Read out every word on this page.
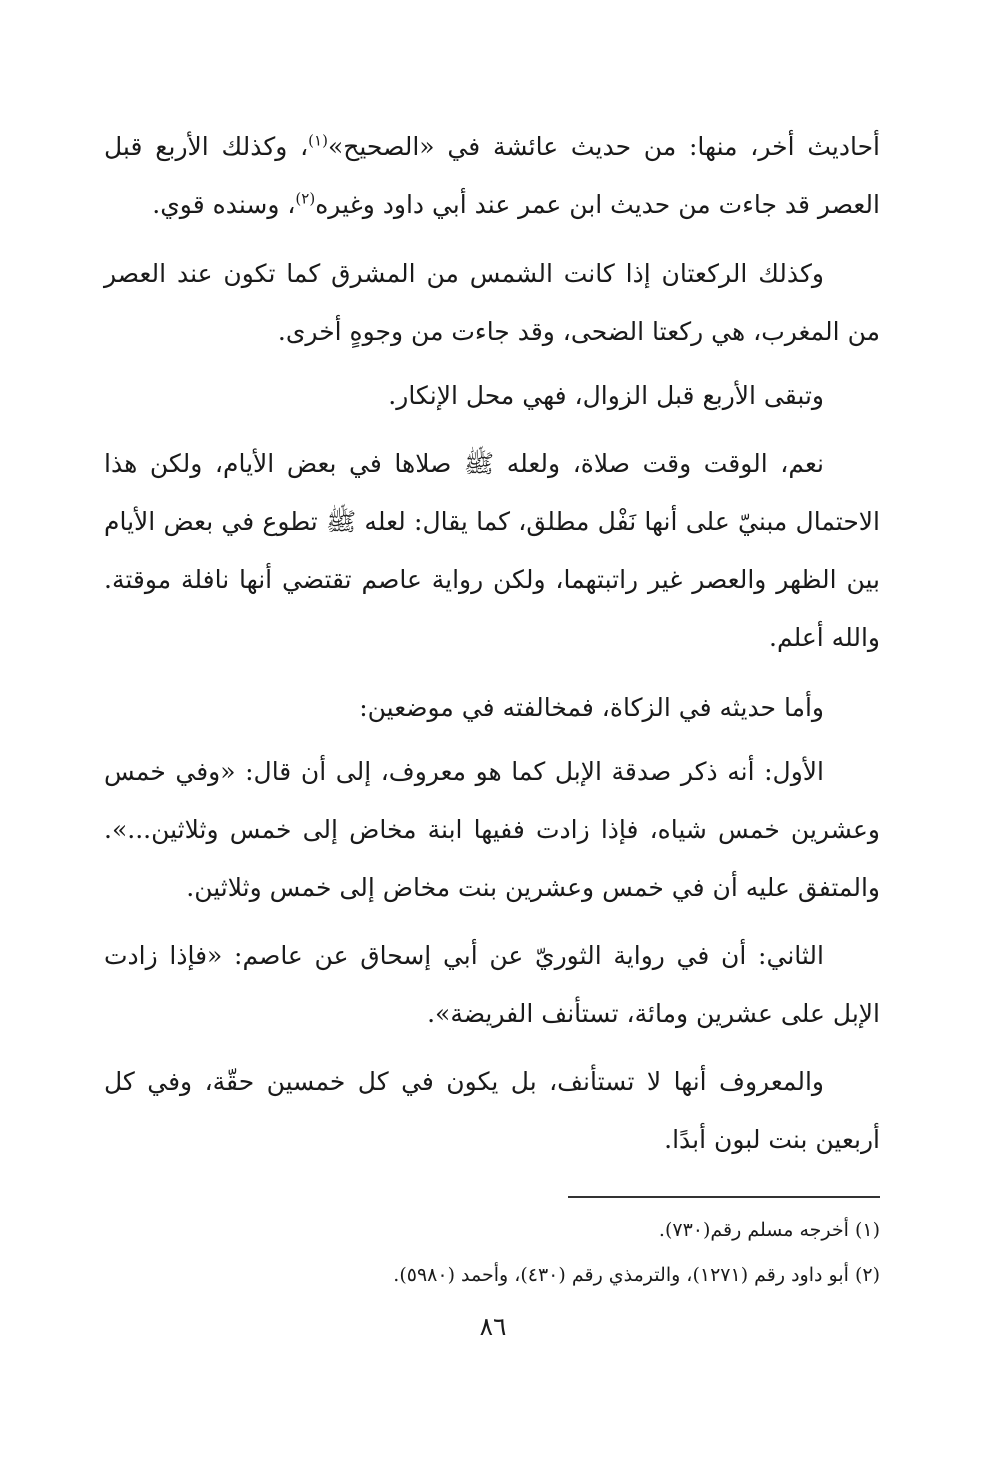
أحاديث أخر، منها: من حديث عائشة في «الصحيح»$^{(١)}$، وكذلك الأربع قبل العصر قد جاءت من حديث ابن عمر عند أبي داود وغيره$^{(٢)}$، وسنده قوي.

وكذلك الركعتان إذا كانت الشمس من المشرق كما تكون عند العصر من المغرب، هي ركعتا الضحى، وقد جاءت من وجوهٍ أخرى.

وتبقى الأربع قبل الزوال، فهي محل الإنكار.

نعم، الوقت وقت صلاة، ولعله ﷺ صلاها في بعض الأيام، ولكن هذا الاحتمال مبنيّ على أنها نَفْل مطلق، كما يقال: لعله ﷺ تطوع في بعض الأيام بين الظهر والعصر غير راتبتهما، ولكن رواية عاصم تقتضي أنها نافلة موقتة. والله أعلم.

وأما حديثه في الزكاة، فمخالفته في موضعين:

الأول: أنه ذكر صدقة الإبل كما هو معروف، إلى أن قال: «وفي خمس وعشرين خمس شياه، فإذا زادت ففيها ابنة مخاض إلى خمس وثلاثين...». والمتفق عليه أن في خمس وعشرين بنت مخاض إلى خمس وثلاثين.

الثاني: أن في رواية الثوريّ عن أبي إسحاق عن عاصم: «فإذا زادت الإبل على عشرين ومائة، تستأنف الفريضة».

والمعروف أنها لا تستأنف، بل يكون في كل خمسين حقّة، وفي كل أربعين بنت لبون أبدًا.

(١) أخرجه مسلم رقم(٧٣٠).
(٢) أبو داود رقم (١٢٧١)، والترمذي رقم (٤٣٠)، وأحمد (٥٩٨٠).
٨٦
